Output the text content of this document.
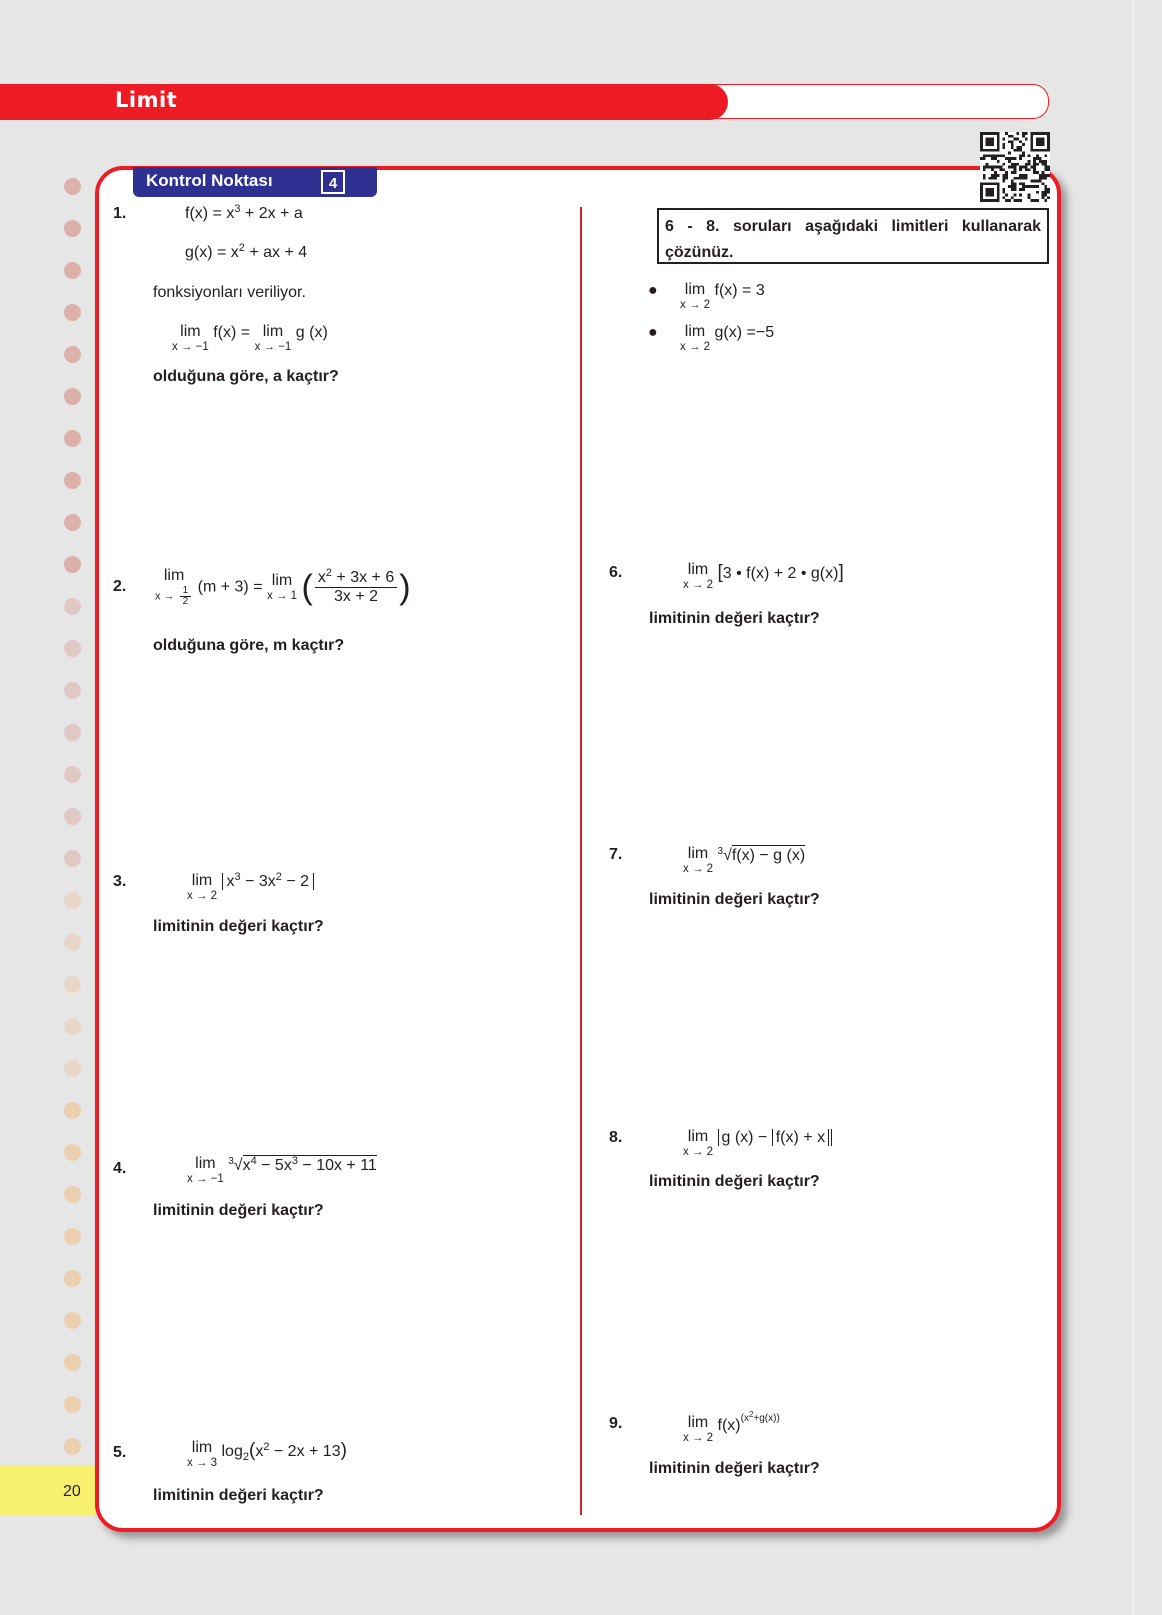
Limit
20
Kontrol Noktası	4
1.	$f(x) = x^3 + 2x + a$
$g(x) = x^2$ + ax + 4
fonksiyonları veriliyor.
lim
x → −1
f(x) = lim
x → −1
g (x)
olduğuna göre, a kaçtır?
2.
lim
$x \to \frac{1}{2} (m + 3) = \lim$
x → 1 ( $\frac{x^2 + 3x + 6}{3x + 2}$ )
olduğuna göre, m kaçtır?
3.	lim
x → 2
$x^3 - 3x^2 - 2$
limitinin değeri kaçtır?
4.	lim
x → −1
$^3√x^4 - 5x^3 - 10x + 11$
limitinin değeri kaçtır?
5.	lim
x → 3
$\log_2(x^2 - 2x + 13)$
limitinin değeri kaçtır?
6 - 8. soruları aşağıdaki limitleri kullanarak çözünüz.
● lim
x → 2
f(x) = 3
● lim
x → 2
g(x) =−5
6.	lim
x → 2
[3 • f(x) + 2 • g(x)]
limitinin değeri kaçtır?
7.	lim
x → 2
$^3$√f(x) − g (x)
limitinin değeri kaçtır?
8.	lim
x → 2
g (x) − f(x) + x
limitinin değeri kaçtır?
9.	lim
x → 2
$f(x)^{(x^2+g(x))}$
limitinin değeri kaçtır?
